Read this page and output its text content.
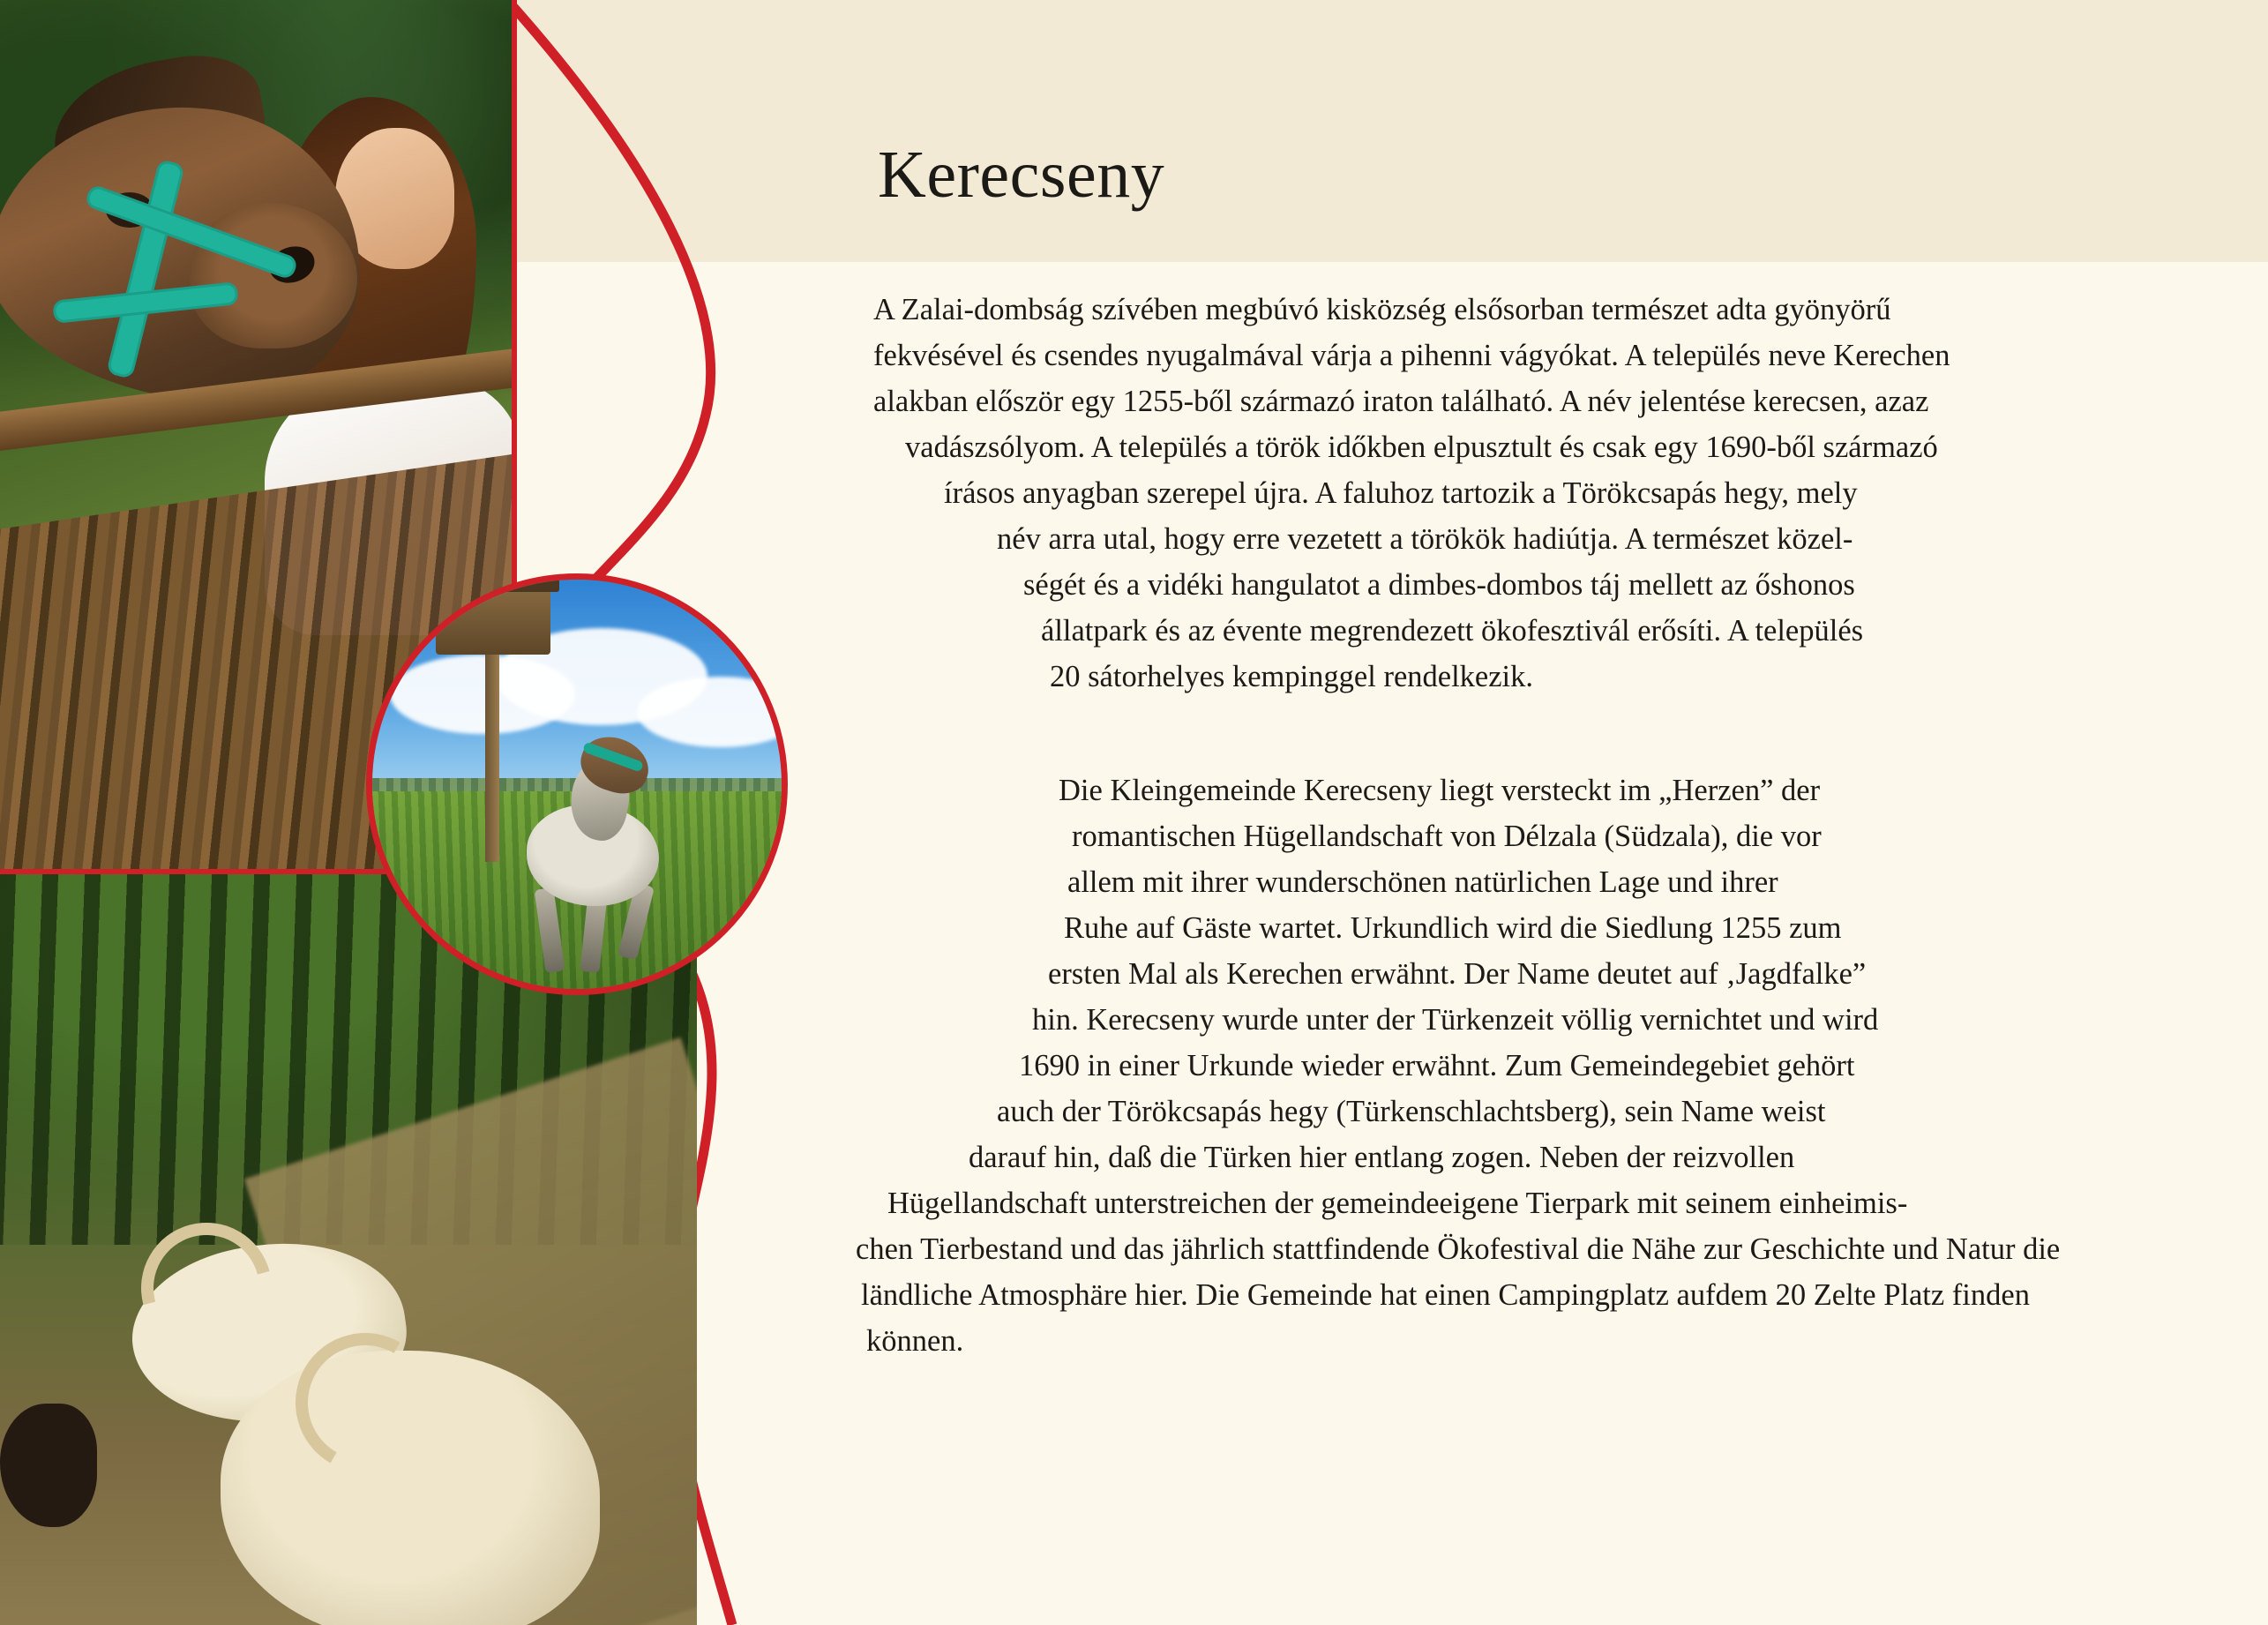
Kerecseny
A Zalai-dombság szívében megbúvó kisközség elsősorban természet adta gyönyörű
fekvésével és csendes nyugalmával várja a pihenni vágyókat. A település neve Kerechen
alakban először egy 1255-ből származó iraton található. A név jelentése kerecsen, azaz
vadászsólyom. A település a török időkben elpusztult és csak egy 1690-ből származó
írásos anyagban szerepel újra. A faluhoz tartozik a Törökcsapás hegy, mely
név arra utal, hogy erre vezetett a törökök hadiútja. A természet közel-
ségét és a vidéki hangulatot a dimbes-dombos táj mellett az őshonos
állatpark és az évente megrendezett ökofesztivál erősíti. A település
20 sátorhelyes kempinggel rendelkezik.
Die Kleingemeinde Kerecseny liegt versteckt im „Herzen” der
romantischen Hügellandschaft von Délzala (Südzala), die vor
allem mit ihrer wunderschönen natürlichen Lage und ihrer
Ruhe auf Gäste wartet. Urkundlich wird die Siedlung 1255 zum
ersten Mal als Kerechen erwähnt. Der Name deutet auf ‚Jagdfalke”
hin. Kerecseny wurde unter der Türkenzeit völlig vernichtet und wird
1690 in einer Urkunde wieder erwähnt. Zum Gemeindegebiet gehört
auch der Törökcsapás hegy (Türkenschlachtsberg), sein Name weist
darauf hin, daß die Türken hier entlang zogen. Neben der reizvollen
Hügellandschaft unterstreichen der gemeindeeigene Tierpark mit seinem einheimis-
chen Tierbestand und das jährlich stattfindende Ökofestival die Nähe zur Geschichte und Natur die
ländliche Atmosphäre hier. Die Gemeinde hat einen Campingplatz aufdem 20 Zelte Platz finden
können.
